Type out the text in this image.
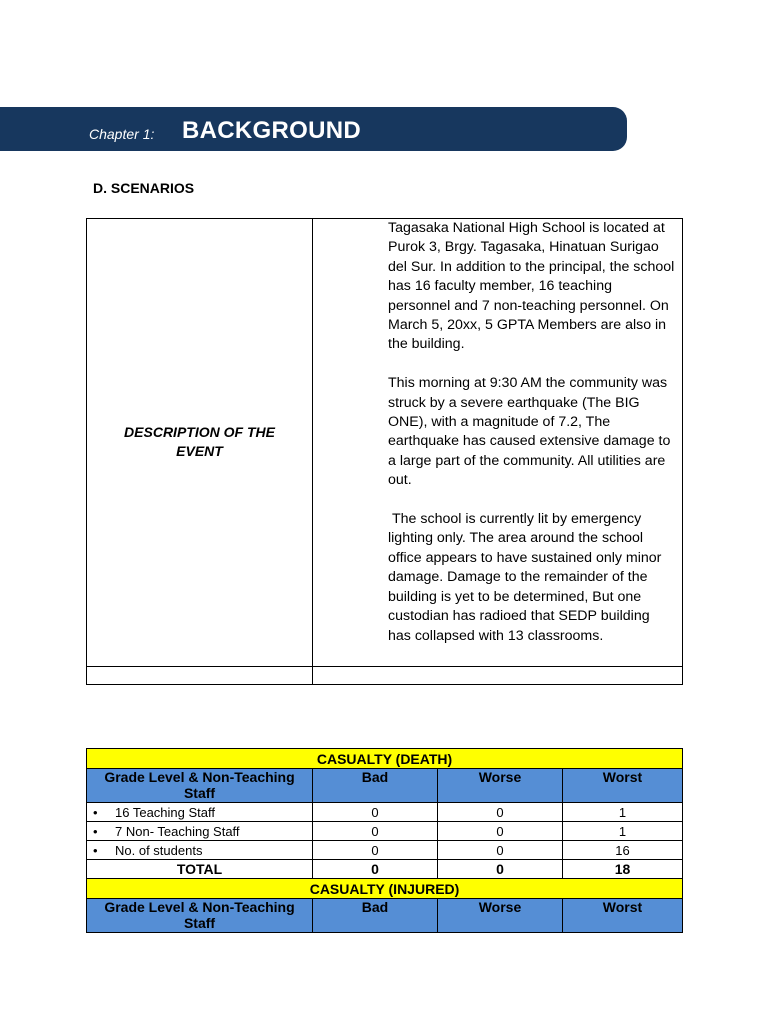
Chapter 1: BACKGROUND
D. SCENARIOS
DESCRIPTION OF THE EVENT	Tagasaka National High School is located at Purok 3, Brgy. Tagasaka, Hinatuan Surigao del Sur. In addition to the principal, the school has 16 faculty member, 16 teaching personnel and 7 non-teaching personnel. On March 5, 20xx, 5 GPTA Members are also in the building.

This morning at 9:30 AM the community was struck by a severe earthquake (The BIG ONE), with a magnitude of 7.2, The earthquake has caused extensive damage to a large part of the community. All utilities are out.

The school is currently lit by emergency lighting only. The area around the school office appears to have sustained only minor damage. Damage to the remainder of the building is yet to be determined, But one custodian has radioed that SEDP building has collapsed with 13 classrooms.

CASUALTY (DEATH)			
Grade Level & Non-Teaching Staff	Bad	Worse	Worst
• 16 Teaching Staff	0	0	1
• 7 Non- Teaching Staff	0	0	1
• No. of students	0	0	16
TOTAL	0	0	18
CASUALTY (INJURED)			
Grade Level & Non-Teaching Staff	Bad	Worse	Worst
